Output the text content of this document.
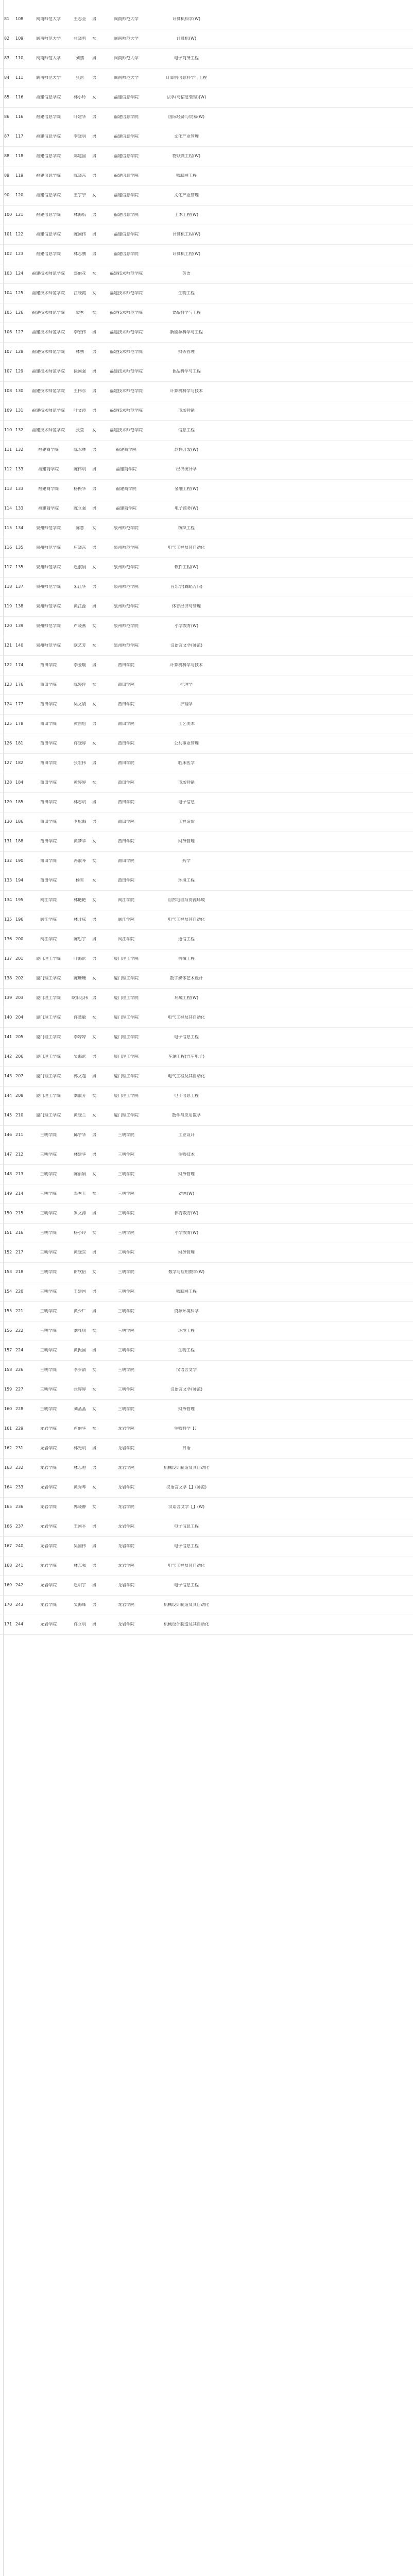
81	108	闽南师范大学	王志全	男	闽南师范大学	计算机科学(W)
82	109	闽南师范大学	张晓莉	女	闽南师范大学	计算机(W)
83	110	闽南师范大学	刘鹏	男	闽南师范大学	电子商务工程
84	111	闽南师范大学	张雷	男	闽南师范大学	计算机信息科学与工程
85	116	福建信息学院	林小玲	女	福建信息学院	法学(与信息管理)(W)
86	116	福建信息学院	叶建华	男	福建信息学院	国际经济与贸易(W)
87	117	福建信息学院	李晓明	男	福建信息学院	文化产业管理
88	118	福建信息学院	郑建国	男	福建信息学院	物联网工程(W)
89	119	福建信息学院	陈晓东	男	福建信息学院	物联网工程
90	120	福建信息学院	王宇宁	女	福建信息学院	文化产业管理
100 121	福建信息学院	林海航	男	福建信息学院	土木工程(W)
101 122	福建信息学院	陈国伟	男	福建信息学院	计算机工程(W)
102 123	福建信息学院	林志鹏	男	福建信息学院	计算机工程(W)
103 124	福建技术师范学院	郑丽花	女	福建技术师范学院	英语
104 125	福建技术师范学院	江晓霞	女	福建技术师范学院	生物工程
105 126	福建技术师范学院	梁秀	女	福建技术师范学院	食品科学与工程
106 127	福建技术师范学院	李宏伟	男	福建技术师范学院	新能源科学与工程
107 128	福建技术师范学院	林鹏	男	福建技术师范学院	财务管理
107 129	福建技术师范学院	徐国强	男	福建技术师范学院	食品科学与工程
108 130	福建技术师范学院	王伟东	男	福建技术师范学院	计算机科学与技术
109 131	福建技术师范学院	叶文涛	男	福建技术师范学院	市场营销
110 132	福建技术师范学院	张莹	女	福建技术师范学院	信息工程
111 132	福建商学院	陈永林	男	福建商学院	软件开发(W)
112 133	福建商学院	陈伟明	男	福建商学院	经济统计学
113 133	福建商学院	杨振华	男	福建商学院	金融工程(W)
114 133	福建商学院	陈立强	男	福建商学院	电子商务(W)
115 134	泉州师范学院	陈慧	女	泉州师范学院	纺织工程
116 135	泉州师范学院	庄晓东	男	泉州师范学院	电气工程及其自动化
117 135	泉州师范学院	赵淑娟	女	泉州师范学院	软件工程(W)
118 137	泉州师范学院	朱江华	男	泉州师范学院	音乐学(舞蹈方向)
119 138	泉州师范学院	黄江源	男	泉州师范学院	体育经济与管理
120 139	泉州师范学院	卢晓燕	女	泉州师范学院	小学教育(W)
121 140	泉州师范学院	欧艺芳	女	泉州师范学院	汉语言文学(师范)
122 174	莆田学院	李金瑞	男	莆田学院	计算机科学与技术
123 176	莆田学院	陈婷萍	女	莆田学院	护理学
124 177	莆田学院	吴文婧	女	莆田学院	护理学
125 178	莆田学院	黄国旭	男	莆田学院	工艺美术
126 181	莆田学院	许晓婷	女	莆田学院	公共事业管理
127 182	莆田学院	张宏伟	男	莆田学院	临床医学
128 184	莆田学院	黄婷婷	女	莆田学院	市场营销
129 185	莆田学院	林志明	男	莆田学院	电子信息
130 186	莆田学院	李松海	男	莆田学院	工程造价
131 188	莆田学院	黄梦华	女	莆田学院	财务管理
132 190	莆田学院	冯淑琴	女	莆田学院	药学
133 194	莆田学院	杨雪	女	莆田学院	环境工程
134 195	闽江学院	林艳艳	女	闽江学院	自然地理与资源环境
135 196	闽江学院	林开成	男	闽江学院	电气工程及其自动化
136 200	闽江学院	陈思宇	男	闽江学院	通信工程
137 201	厦门理工学院	叶海滨	男	厦门理工学院	机械工程
138 202	厦门理工学院	陈珊珊	女	厦门理工学院	数字媒体艺术设计
139 203	厦门理工学院	欧阳志伟	男	厦门理工学院	环境工程(W)
140 204	厦门理工学院	许慧敏	女	厦门理工学院	电气工程及其自动化
141 205	厦门理工学院	李婷婷	女	厦门理工学院	电子信息工程
142 206	厦门理工学院	吴海滨	男	厦门理工学院	车辆工程(汽车电子)
143 207	厦门理工学院	郭文超	男	厦门理工学院	电气工程及其自动化
144 208	厦门理工学院	刘淑芳	女	厦门理工学院	电子信息工程
145 210	厦门理工学院	黄晓兰	女	厦门理工学院	数学与应用数学
146 211	三明学院	邱宇华	男	三明学院	工业设计
147 212	三明学院	林建华	男	三明学院	生物技术
148 213	三明学院	陈丽娟	女	三明学院	财务管理
149 214	三明学院	邓秀玉	女	三明学院	动画(W)
150 215	三明学院	罗文涛	男	三明学院	体育教育(W)
151 216	三明学院	杨小玲	女	三明学院	小学教育(W)
152 217	三明学院	黄晓东	男	三明学院	财务管理
153 218	三明学院	谢欣怡	女	三明学院	数学与应用数学(W)
154 220	三明学院	王建国	男	三明学院	物联网工程
155 221	三明学院	黄少厂	男	三明学院	资源环境科学
156 222	三明学院	刘雅琪	女	三明学院	环境工程
157 224	三明学院	黄振国	男	三明学院	生物工程
158 226	三明学院	李少清	女	三明学院	汉语言文学
159 227	三明学院	张婷婷	女	三明学院	汉语言文学(师范)
160 228	三明学院	刘晶晶	女	三明学院	财务管理
161 229	龙岩学院	卢丽华	女	龙岩学院	生物科学【】
162 231	龙岩学院	林光明	男	龙岩学院	日语
163 232	龙岩学院	林志超	男	龙岩学院	机械设计制造及其自动化
164 233	龙岩学院	黄秀琴	女	龙岩学院	汉语言文学【】(师范)
165 236	龙岩学院	郭晓静	女	龙岩学院	汉语言文学【】(W)
166 237	龙岩学院	王国平	男	龙岩学院	电子信息工程
167 240	龙岩学院	吴国伟	男	龙岩学院	电子信息工程
168 241	龙岩学院	林志强	男	龙岩学院	电气工程及其自动化
169 242	龙岩学院	赵明宇	男	龙岩学院	电子信息工程
170 243	龙岩学院	吴海峰	男	龙岩学院	机械设计制造及其自动化
171 244	龙岩学院	许立明	男	龙岩学院	机械设计制造及其自动化
